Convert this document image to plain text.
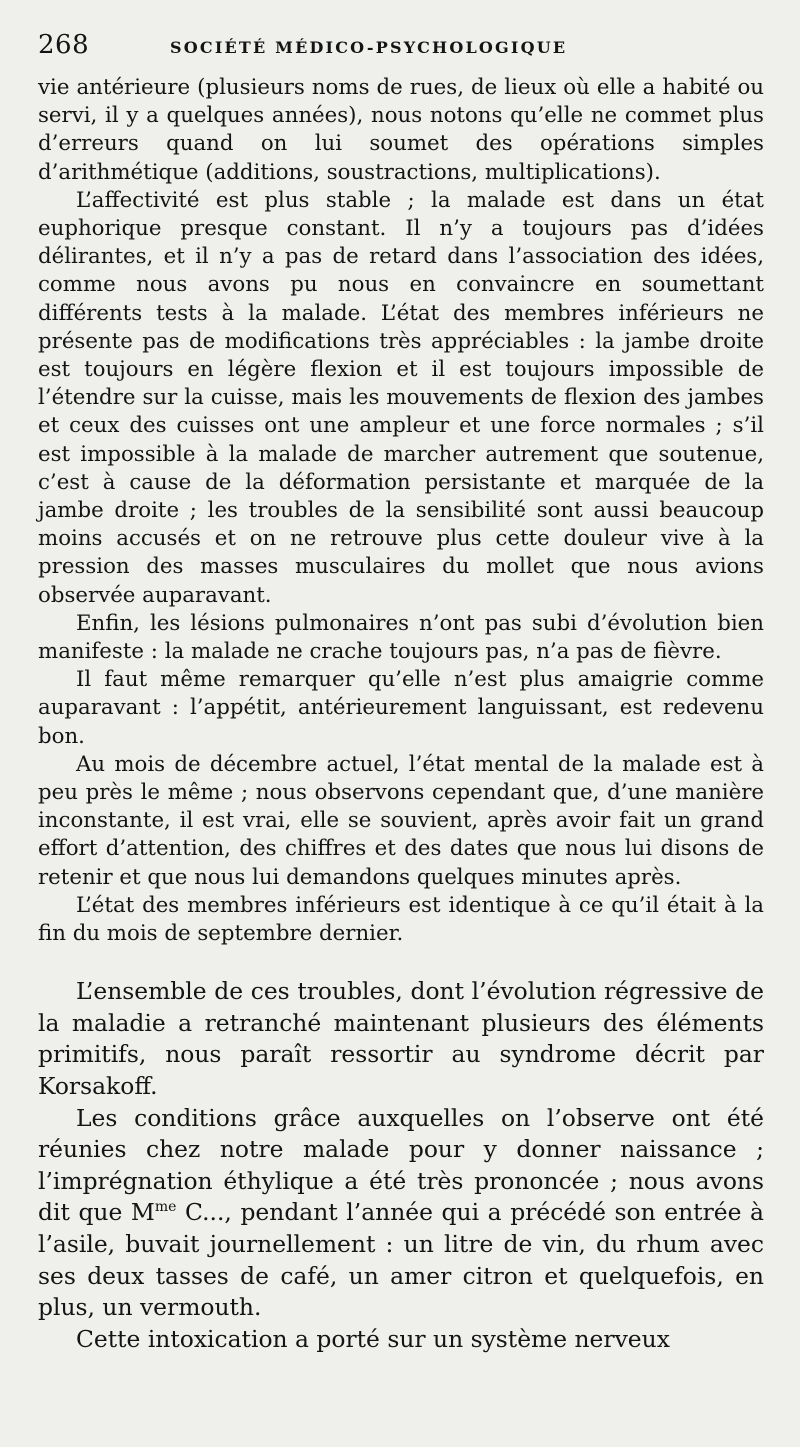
268	SOCIÉTÉ MÉDICO-PSYCHOLOGIQUE

vie antérieure (plusieurs noms de rues, de lieux où elle a habité ou servi, il y a quelques années), nous notons qu’elle ne commet plus d’erreurs quand on lui soumet des opérations simples d’arithmétique (additions, soustractions, multiplications).

L’affectivité est plus stable ; la malade est dans un état euphorique presque constant. Il n’y a toujours pas d’idées délirantes, et il n’y a pas de retard dans l’association des idées, comme nous avons pu nous en convaincre en soumettant différents tests à la malade. L’état des membres inférieurs ne présente pas de modifications très appréciables : la jambe droite est toujours en légère flexion et il est toujours impossible de l’étendre sur la cuisse, mais les mouvements de flexion des jambes et ceux des cuisses ont une ampleur et une force normales ; s’il est impossible à la malade de marcher autrement que soutenue, c’est à cause de la déformation persistante et marquée de la jambe droite ; les troubles de la sensibilité sont aussi beaucoup moins accusés et on ne retrouve plus cette douleur vive à la pression des masses musculaires du mollet que nous avions observée auparavant.

Enfin, les lésions pulmonaires n’ont pas subi d’évolution bien manifeste : la malade ne crache toujours pas, n’a pas de fièvre.

Il faut même remarquer qu’elle n’est plus amaigrie comme auparavant : l’appétit, antérieurement languissant, est redevenu bon.

Au mois de décembre actuel, l’état mental de la malade est à peu près le même ; nous observons cependant que, d’une manière inconstante, il est vrai, elle se souvient, après avoir fait un grand effort d’attention, des chiffres et des dates que nous lui disons de retenir et que nous lui demandons quelques minutes après.

L’état des membres inférieurs est identique à ce qu’il était à la fin du mois de septembre dernier.

L’ensemble de ces troubles, dont l’évolution régressive de la maladie a retranché maintenant plusieurs des éléments primitifs, nous paraît ressortir au syndrome décrit par Korsakoff.

Les conditions grâce auxquelles on l’observe ont été réunies chez notre malade pour y donner naissance ; l’imprégnation éthylique a été très prononcée ; nous avons dit que $M^{me}$ C..., pendant l’année qui a précédé son entrée à l’asile, buvait journellement : un litre de vin, du rhum avec ses deux tasses de café, un amer citron et quelquefois, en plus, un vermouth.

Cette intoxication a porté sur un système nerveux
